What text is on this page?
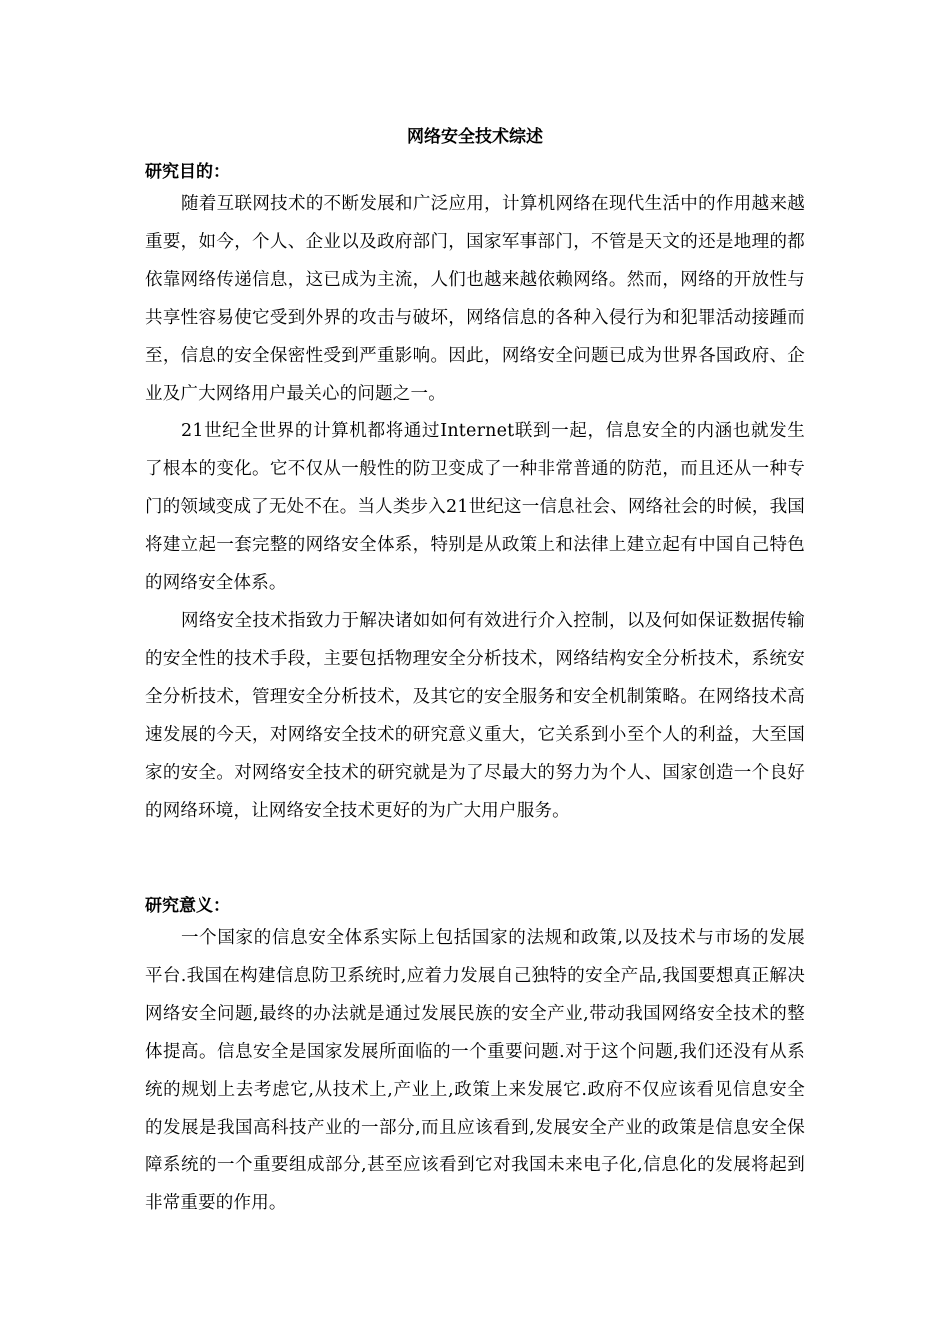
网络安全技术综述
研究目的：

随着互联网技术的不断发展和广泛应用，计算机网络在现代生活中的作用越来越重要，如今，个人、企业以及政府部门，国家军事部门，不管是天文的还是地理的都依靠网络传递信息，这已成为主流，人们也越来越依赖网络。然而，网络的开放性与共享性容易使它受到外界的攻击与破坏，网络信息的各种入侵行为和犯罪活动接踵而至，信息的安全保密性受到严重影响。因此，网络安全问题已成为世界各国政府、企业及广大网络用户最关心的问题之一。

21世纪全世界的计算机都将通过Internet联到一起，信息安全的内涵也就发生了根本的变化。它不仅从一般性的防卫变成了一种非常普通的防范，而且还从一种专门的领域变成了无处不在。当人类步入21世纪这一信息社会、网络社会的时候，我国将建立起一套完整的网络安全体系，特别是从政策上和法律上建立起有中国自己特色的网络安全体系。

网络安全技术指致力于解决诸如如何有效进行介入控制，以及何如保证数据传输的安全性的技术手段，主要包括物理安全分析技术，网络结构安全分析技术，系统安全分析技术，管理安全分析技术，及其它的安全服务和安全机制策略。在网络技术高速发展的今天，对网络安全技术的研究意义重大，它关系到小至个人的利益，大至国家的安全。对网络安全技术的研究就是为了尽最大的努力为个人、国家创造一个良好的网络环境，让网络安全技术更好的为广大用户服务。

研究意义：

一个国家的信息安全体系实际上包括国家的法规和政策,以及技术与市场的发展平台.我国在构建信息防卫系统时,应着力发展自己独特的安全产品,我国要想真正解决网络安全问题,最终的办法就是通过发展民族的安全产业,带动我国网络安全技术的整体提高。信息安全是国家发展所面临的一个重要问题.对于这个问题,我们还没有从系统的规划上去考虑它,从技术上,产业上,政策上来发展它.政府不仅应该看见信息安全的发展是我国高科技产业的一部分,而且应该看到,发展安全产业的政策是信息安全保障系统的一个重要组成部分,甚至应该看到它对我国未来电子化,信息化的发展将起到非常重要的作用。
